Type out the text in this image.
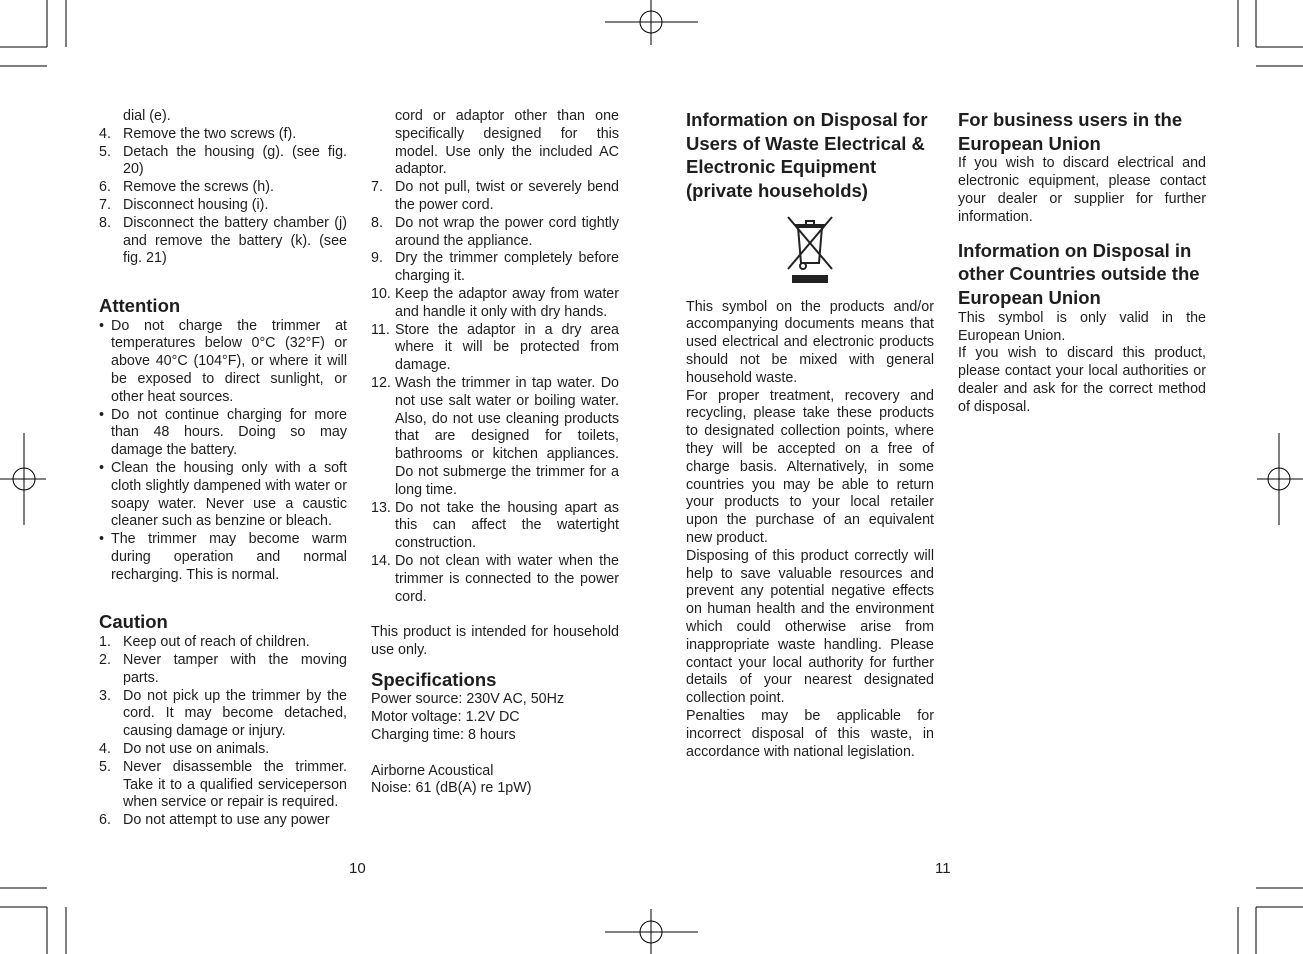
dial (e).

4. Remove the two screws (f).

5. Detach the housing (g). (see fig. 20)

6. Remove the screws (h).

7. Disconnect housing (i).

8. Disconnect the battery chamber (j) and remove the battery (k). (see fig. 21)

Attention

• Do not charge the trimmer at temperatures below 0°C (32°F) or above 40°C (104°F), or where it will be exposed to direct sunlight, or other heat sources.

• Do not continue charging for more than 48 hours. Doing so may damage the battery.

• Clean the housing only with a soft cloth slightly dampened with water or soapy water. Never use a caustic cleaner such as benzine or bleach.

• The trimmer may become warm during operation and normal recharging. This is normal.

Caution

1. Keep out of reach of children.

2. Never tamper with the moving parts.

3. Do not pick up the trimmer by the cord. It may become detached, causing damage or injury.

4. Do not use on animals.

5. Never disassemble the trimmer. Take it to a qualified serviceperson when service or repair is required.

6. Do not attempt to use any power

cord or adaptor other than one specifically designed for this model. Use only the included AC adaptor.

7. Do not pull, twist or severely bend the power cord.

8. Do not wrap the power cord tightly around the appliance.

9. Dry the trimmer completely before charging it.

10. Keep the adaptor away from water and handle it only with dry hands.

11. Store the adaptor in a dry area where it will be protected from damage.

12. Wash the trimmer in tap water. Do not use salt water or boiling water. Also, do not use cleaning products that are designed for toilets, bathrooms or kitchen appliances. Do not submerge the trimmer for a long time.

13. Do not take the housing apart as this can affect the watertight construction.

14. Do not clean with water when the trimmer is connected to the power cord.

This product is intended for household use only.

Specifications

Power source: 230V AC, 50Hz

Motor voltage: 1.2V DC

Charging time: 8 hours

Airborne Acoustical

Noise: 61 (dB(A) re 1pW)

Information on Disposal for Users of Waste Electrical & Electronic Equipment (private households)

This symbol on the products and/or accompanying documents means that used electrical and electronic products should not be mixed with general household waste.

For proper treatment, recovery and recycling, please take these products to designated collection points, where they will be accepted on a free of charge basis. Alternatively, in some countries you may be able to return your products to your local retailer upon the purchase of an equivalent new product.

Disposing of this product correctly will help to save valuable resources and prevent any potential negative effects on human health and the environment which could otherwise arise from inappropriate waste handling. Please contact your local authority for further details of your nearest designated collection point.

Penalties may be applicable for incorrect disposal of this waste, in accordance with national legislation.

For business users in the European Union

If you wish to discard electrical and electronic equipment, please contact your dealer or supplier for further information.

Information on Disposal in other Countries outside the European Union

This symbol is only valid in the European Union.

If you wish to discard this product, please contact your local authorities or dealer and ask for the correct method of disposal.

10	11
